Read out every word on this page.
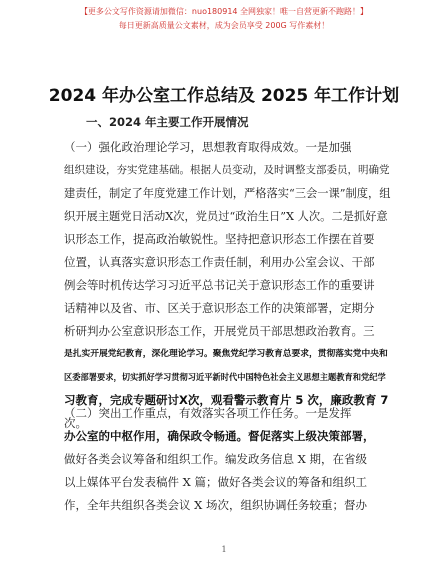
【更多公文写作资源请加微信：nuo180914 全网独家！唯一自营更新不跑路！】
每日更新高质量公文素材，成为会员享受 200G 写作素材！
2024 年办公室工作总结及 2025 年工作计划
一、2024 年主要工作开展情况

（一）强化政治理论学习，思想教育取得成效。一是加强

组织建设，夯实党建基础。根据人员变动，及时调整支部委员，明确党

建责任，制定了年度党建工作计划，严格落实“三会一课”制度，组

织开展主题党日活动X次，党员过“政治生日”X 人次。二是抓好意

识形态工作，提高政治敏锐性。坚持把意识形态工作摆在首要

位置，认真落实意识形态工作责任制，利用办公室会议、干部

例会等时机传达学习习近平总书记关于意识形态工作的重要讲

话精神以及省、市、区关于意识形态工作的决策部署，定期分

析研判办公室意识形态工作，开展党员干部思想政治教育。三

是扎实开展党纪教育，深化理论学习。聚焦党纪学习教育总要求，贯彻落实党中央和

区委部署要求，切实抓好学习贯彻习近平新时代中国特色社会主义思想主题教育和党纪学

习教育，完成专题研讨X次，观看警示教育片 5 次，廉政教育 7

次。

（二）突出工作重点，有效落实各项工作任务。一是发挥

办公室的中枢作用，确保政令畅通。督促落实上级决策部署，

做好各类会议筹备和组织工作。编发政务信息 X 期，在省级

以上媒体平台发表稿件 X 篇；做好各类会议的筹备和组织工

作，全年共组织各类会议 X 场次，组织协调任务较重；督办

1
